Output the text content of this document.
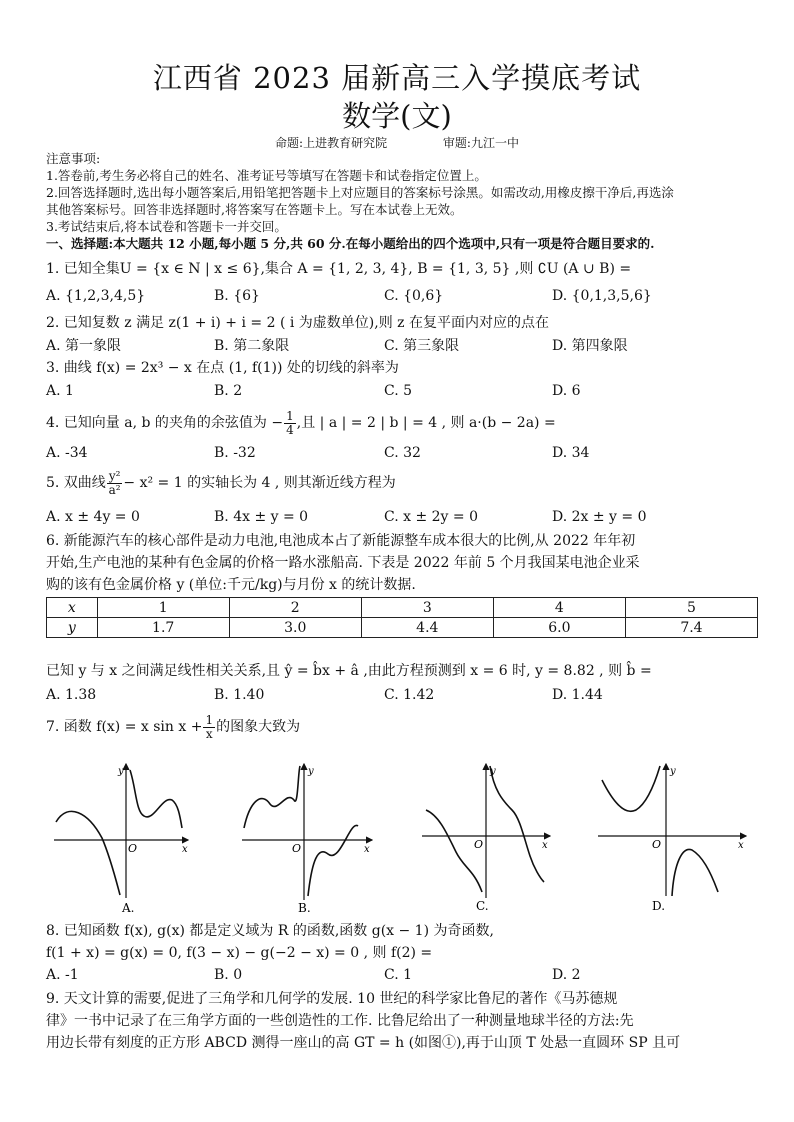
江西省 2023 届新高三入学摸底考试
数学(文)
命题:上进教育研究院	审题:九江一中
注意事项:
1.答卷前,考生务必将自己的姓名、准考证号等填写在答题卡和试卷指定位置上。
2.回答选择题时,选出每小题答案后,用铅笔把答题卡上对应题目的答案标号涂黑。如需改动,用橡皮擦干净后,再选涂
其他答案标号。回答非选择题时,将答案写在答题卡上。写在本试卷上无效。
3.考试结束后,将本试卷和答题卡一并交回。
一、选择题:本大题共 12 小题,每小题 5 分,共 60 分.在每小题给出的四个选项中,只有一项是符合题目要求的.
1. 已知全集U = {x ∈ N | x ≤ 6},集合 A = {1, 2, 3, 4}, B = {1, 3, 5} ,则 ∁U (A ∪ B) =
A. {1,2,3,4,5}	B. {6}	C. {0,6}	D. {0,1,3,5,6}
2. 已知复数 z 满足 z(1 + i) + i = 2 ( i 为虚数单位),则 z 在复平面内对应的点在
A. 第一象限	B. 第二象限	C. 第三象限	D. 第四象限
3. 曲线 f(x) = 2x³ − x 在点 (1, f(1)) 处的切线的斜率为
A. 1	B. 2	C. 5	D. 6
4. 已知向量 a, b 的夹角的余弦值为 − $\frac{1}{4}$ ,且 | a | = 2 | b | = 4 , 则 a·(b − 2a) =
A. -34	B. -32	C. 32	D. 34
5. 双曲线 $\frac{\text{y²}}{\text{a²}} - x^2 = 1$ 的实轴长为 4 , 则其渐近线方程为
A. x ± 4y = 0	B. 4x ± y = 0	C. x ± 2y = 0	D. 2x ± y = 0
6. 新能源汽车的核心部件是动力电池,电池成本占了新能源整车成本很大的比例,从 2022 年年初
开始,生产电池的某种有色金属的价格一路水涨船高. 下表是 2022 年前 5 个月我国某电池企业采
购的该有色金属价格 y (单位:千元/kg)与月份 x 的统计数据.
x	1	2	3	4	5
y	1.7	3.0	4.4	6.0	7.4
已知 y 与 x 之间满足线性相关关系,且 ŷ = b̂x + â ,由此方程预测到 x = 6 时, y = 8.82 , 则 b̂ =
A. 1.38	B. 1.40	C. 1.42	D. 1.44
7. 函数 f(x) = x $\sin x + \frac{1}{x}$ 的图象大致为
y
x
O
A.
y
x
O
B.
y
x
O
C.
y
x
O
D.
8. 已知函数 f(x), g(x) 都是定义域为 R 的函数,函数 g(x − 1) 为奇函数,
f(1 + x) = g(x) = 0, f(3 − x) − g(−2 − x) = 0 , 则 f(2) =
A. -1	B. 0	C. 1	D. 2
9. 天文计算的需要,促进了三角学和几何学的发展. 10 世纪的科学家比鲁尼的著作《马苏德规
律》一书中记录了在三角学方面的一些创造性的工作. 比鲁尼给出了一种测量地球半径的方法:先
用边长带有刻度的正方形 ABCD 测得一座山的高 GT = h (如图①),再于山顶 T 处悬一直圆环 SP 且可
